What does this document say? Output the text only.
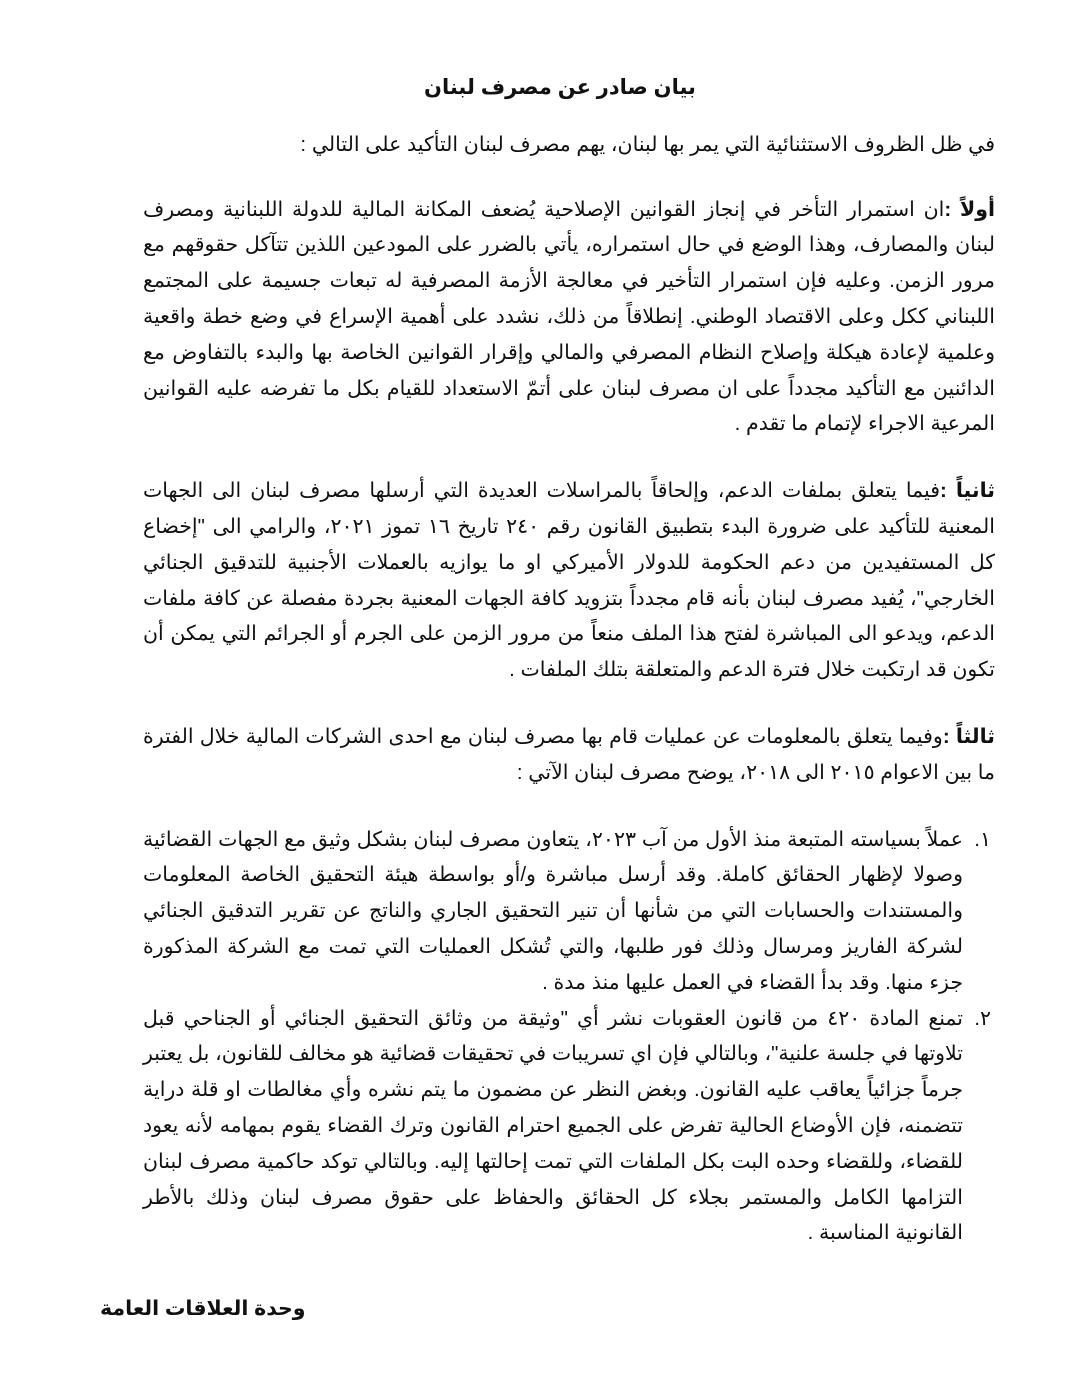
بيان صادر عن مصرف لبنان

في ظل الظروف الاستثنائية التي يمر بها لبنان، يهم مصرف لبنان التأكيد على التالي :

أولاً :ان استمرار التأخر في إنجاز القوانين الإصلاحية يُضعف المكانة المالية للدولة اللبنانية ومصرف لبنان والمصارف، وهذا الوضع في حال استمراره، يأتي بالضرر على المودعين اللذين تتآكل حقوقهم مع مرور الزمن. وعليه فإن استمرار التأخير في معالجة الأزمة المصرفية له تبعات جسيمة على المجتمع اللبناني ككل وعلى الاقتصاد الوطني. إنطلاقاً من ذلك، نشدد على أهمية الإسراع في وضع خطة واقعية وعلمية لإعادة هيكلة وإصلاح النظام المصرفي والمالي وإقرار القوانين الخاصة بها والبدء بالتفاوض مع الدائنين مع التأكيد مجدداً على ان مصرف لبنان على أتمّ الاستعداد للقيام بكل ما تفرضه عليه القوانين المرعية الاجراء لإتمام ما تقدم .

ثانياً :فيما يتعلق بملفات الدعم، وإلحاقاً بالمراسلات العديدة التي أرسلها مصرف لبنان الى الجهات المعنية للتأكيد على ضرورة البدء بتطبيق القانون رقم ٢٤٠ تاريخ ١٦ تموز ٢٠٢١، والرامي الى "إخضاع كل المستفيدين من دعم الحكومة للدولار الأميركي او ما يوازيه بالعملات الأجنبية للتدقيق الجنائي الخارجي"، يُفيد مصرف لبنان بأنه قام مجدداً بتزويد كافة الجهات المعنية بجردة مفصلة عن كافة ملفات الدعم، ويدعو الى المباشرة لفتح هذا الملف منعاً من مرور الزمن على الجرم أو الجرائم التي يمكن أن تكون قد ارتكبت خلال فترة الدعم والمتعلقة بتلك الملفات .

ثالثاً :وفيما يتعلق بالمعلومات عن عمليات قام بها مصرف لبنان مع احدى الشركات المالية خلال الفترة ما بين الاعوام ٢٠١٥ الى ٢٠١٨، يوضح مصرف لبنان الآتي :

١.
عملاً بسياسته المتبعة منذ الأول من آب ٢٠٢٣، يتعاون مصرف لبنان بشكل وثيق مع الجهات القضائية وصولا لإظهار الحقائق كاملة. وقد أرسل مباشرة و/أو بواسطة هيئة التحقيق الخاصة المعلومات والمستندات والحسابات التي من شأنها أن تنير التحقيق الجاري والناتج عن تقرير التدقيق الجنائي لشركة الفاريز ومرسال وذلك فور طلبها، والتي تُشكل العمليات التي تمت مع الشركة المذكورة جزء منها. وقد بدأ القضاء في العمل عليها منذ مدة .
٢.
تمنع المادة ٤٢٠ من قانون العقوبات نشر أي "وثيقة من وثائق التحقيق الجنائي أو الجناحي قبل تلاوتها في جلسة علنية"، وبالتالي فإن اي تسريبات في تحقيقات قضائية هو مخالف للقانون، بل يعتبر جرماً جزائياً يعاقب عليه القانون. وبغض النظر عن مضمون ما يتم نشره وأي مغالطات او قلة دراية تتضمنه، فإن الأوضاع الحالية تفرض على الجميع احترام القانون وترك القضاء يقوم بمهامه لأنه يعود للقضاء، وللقضاء وحده البت بكل الملفات التي تمت إحالتها إليه. وبالتالي توكد حاكمية مصرف لبنان التزامها الكامل والمستمر بجلاء كل الحقائق والحفاظ على حقوق مصرف لبنان وذلك بالأطر القانونية المناسبة .

وحدة العلاقات العامة
